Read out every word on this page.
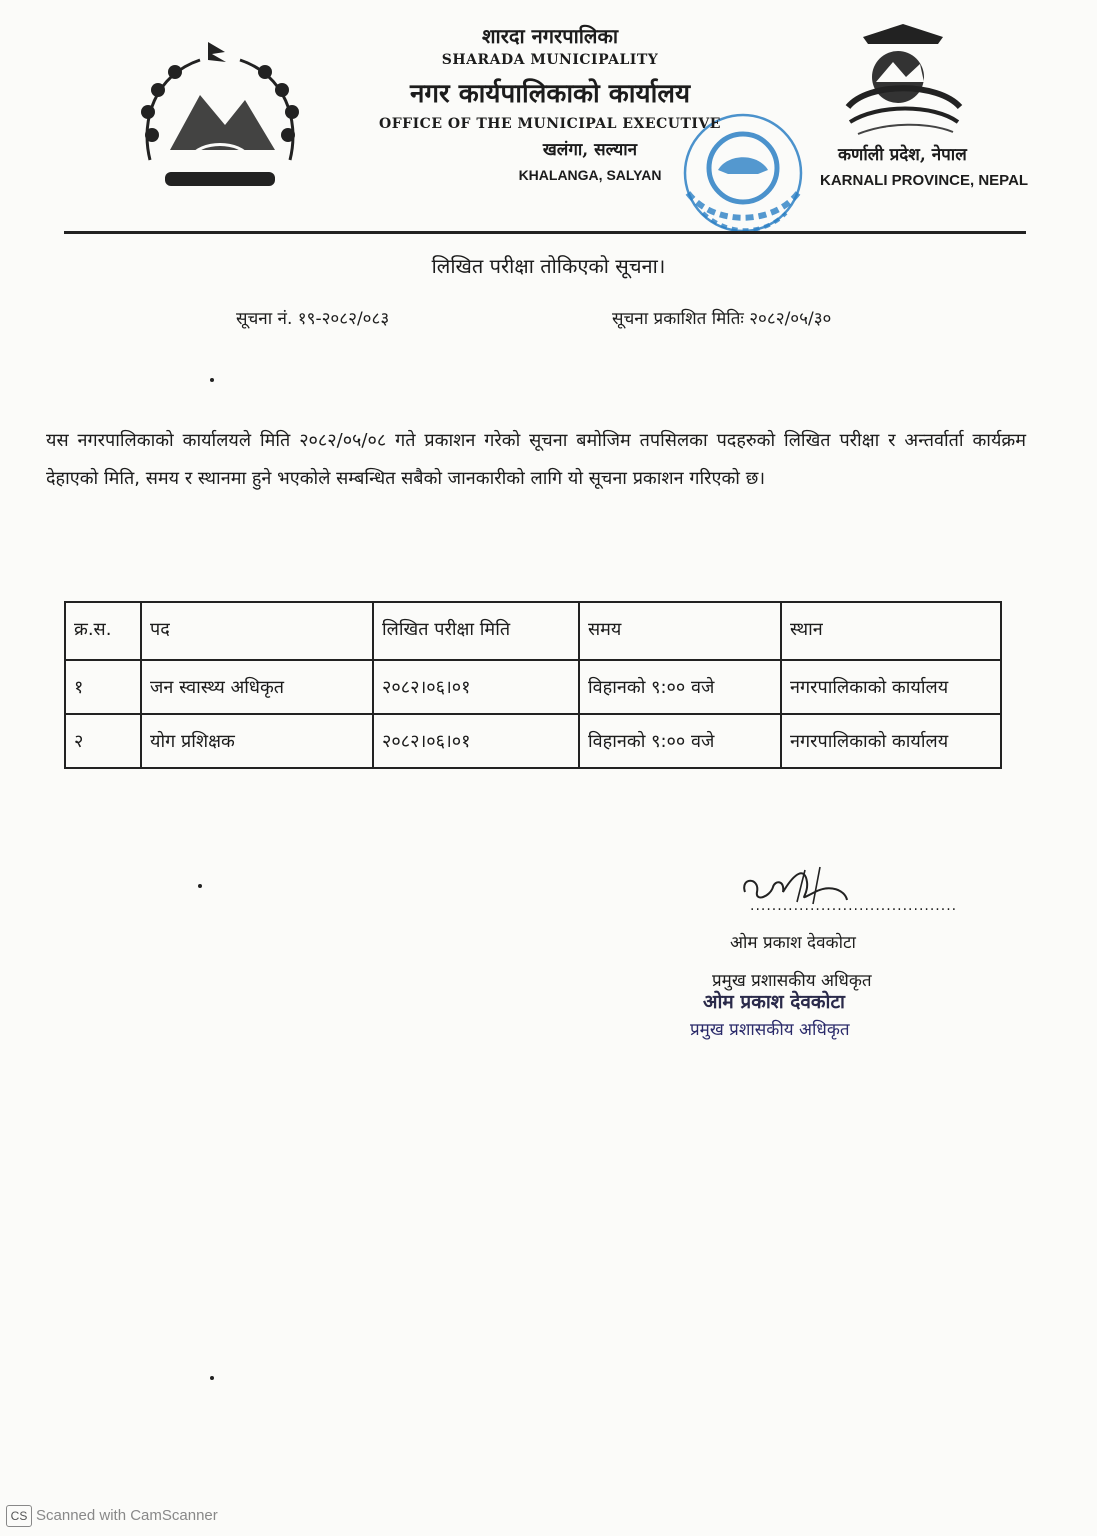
शारदा नगरपालिका
SHARADA MUNICIPALITY
नगर कार्यपालिकाको कार्यालय
OFFICE OF THE MUNICIPAL EXECUTIVE
खलंगा, सल्यान
KHALANGA, SALYAN
कर्णाली प्रदेश, नेपाल
KARNALI PROVINCE, NEPAL
लिखित परीक्षा तोकिएको सूचना।
सूचना नं. १९-२०८२/०८३	सूचना प्रकाशित मितिः २०८२/०५/३०
यस नगरपालिकाको कार्यालयले मिति २०८२/०५/०८ गते प्रकाशन गरेको सूचना बमोजिम तपसिलका पदहरुको लिखित परीक्षा र अन्तर्वार्ता कार्यक्रम देहाएको मिति, समय र स्थानमा हुने भएकोले सम्बन्धित सबैको जानकारीको लागि यो सूचना प्रकाशन गरिएको छ।
क्र.स.	पद	लिखित परीक्षा मिति	समय	स्थान
१	जन स्वास्थ्य अधिकृत	२०८२।०६।०१	विहानको ९:०० वजे	नगरपालिकाको कार्यालय
२	योग प्रशिक्षक	२०८२।०६।०१	विहानको ९:०० वजे	नगरपालिकाको कार्यालय
......................................
ओम प्रकाश देवकोटा
प्रमुख प्रशासकीय अधिकृत
ओम प्रकाश देवकोटा
प्रमुख प्रशासकीय अधिकृत
CS Scanned with CamScanner
